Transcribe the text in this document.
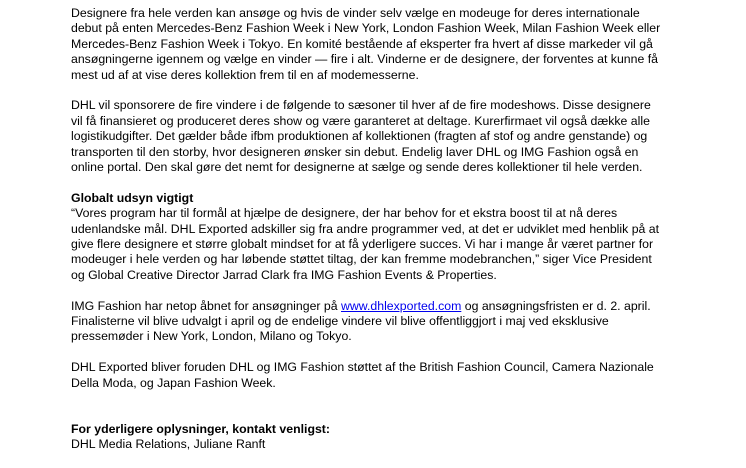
Designere fra hele verden kan ansøge og hvis de vinder selv vælge en modeuge for deres internationale
debut på enten Mercedes-Benz Fashion Week i New York, London Fashion Week, Milan Fashion Week eller
Mercedes-Benz Fashion Week i Tokyo. En komité bestående af eksperter fra hvert af disse markeder vil gå
ansøgningerne igennem og vælge en vinder — fire i alt. Vinderne er de designere, der forventes at kunne få
mest ud af at vise deres kollektion frem til en af modemesserne.
DHL vil sponsorere de fire vindere i de følgende to sæsoner til hver af de fire modeshows. Disse designere
vil få finansieret og produceret deres show og være garanteret at deltage. Kurerfirmaet vil også dække alle
logistikudgifter. Det gælder både ifbm produktionen af kollektionen (fragten af stof og andre genstande) og
transporten til den storby, hvor designeren ønsker sin debut. Endelig laver DHL og IMG Fashion også en
online portal. Den skal gøre det nemt for designerne at sælge og sende deres kollektioner til hele verden.
Globalt udsyn vigtigt
“Vores program har til formål at hjælpe de designere, der har behov for et ekstra boost til at nå deres
udenlandske mål. DHL Exported adskiller sig fra andre programmer ved, at det er udviklet med henblik på at
give flere designere et større globalt mindset for at få yderligere succes. Vi har i mange år været partner for
modeuger i hele verden og har løbende støttet tiltag, der kan fremme modebranchen,” siger Vice President
og Global Creative Director Jarrad Clark fra IMG Fashion Events & Properties.
IMG Fashion har netop åbnet for ansøgninger på www.dhlexported.com og ansøgningsfristen er d. 2. april.
Finalisterne vil blive udvalgt i april og de endelige vindere vil blive offentliggjort i maj ved eksklusive
pressemøder i New York, London, Milano og Tokyo.
DHL Exported bliver foruden DHL og IMG Fashion støttet af the British Fashion Council, Camera Nazionale
Della Moda, og Japan Fashion Week.
For yderligere oplysninger, kontakt venligst:
DHL Media Relations, Juliane Ranft
